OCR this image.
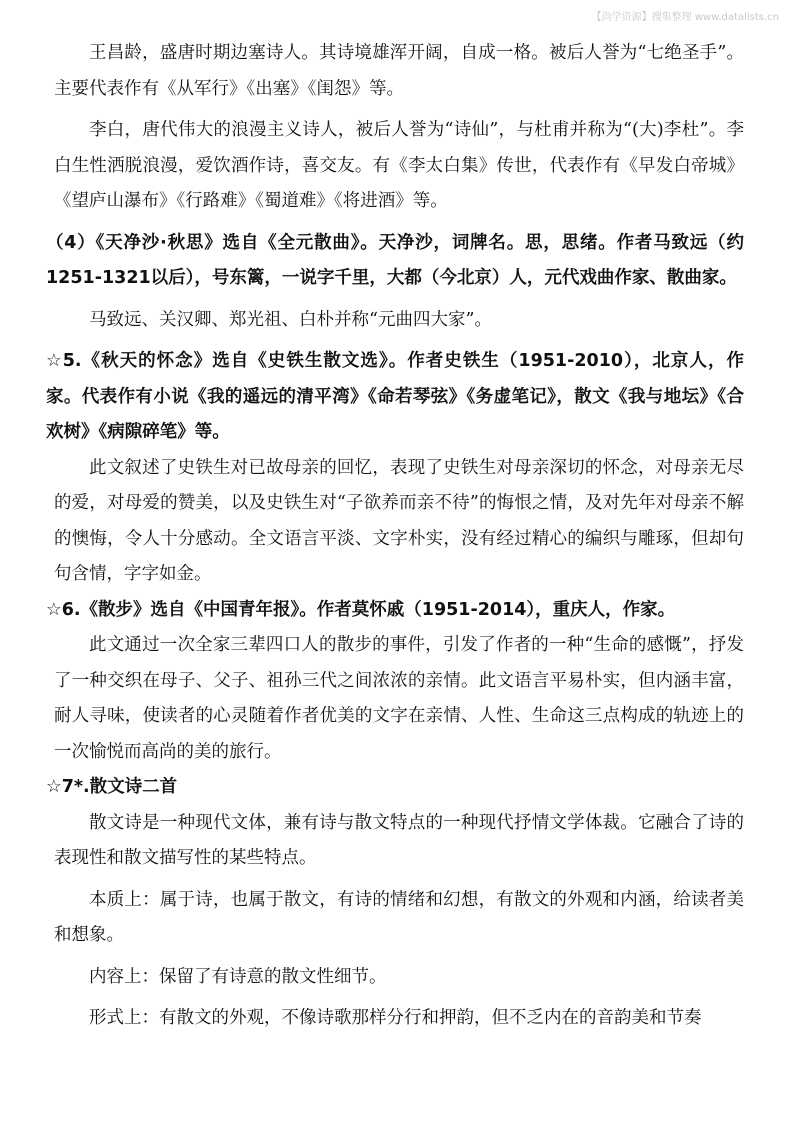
【尚学资源】搜集整理 www.datalists.cn

王昌龄，盛唐时期边塞诗人。其诗境雄浑开阔，自成一格。被后人誉为“七绝圣手”。主要代表作有《从军行》《出塞》《闺怨》等。

李白，唐代伟大的浪漫主义诗人，被后人誉为“诗仙”，与杜甫并称为“(大)李杜”。李白生性洒脱浪漫，爱饮酒作诗，喜交友。有《李太白集》传世，代表作有《早发白帝城》《望庐山瀑布》《行路难》《蜀道难》《将进酒》等。

（4）《天净沙·秋思》选自《全元散曲》。天净沙，词牌名。思，思绪。作者马致远（约1251-1321以后），号东篱，一说字千里，大都（今北京）人，元代戏曲作家、散曲家。

马致远、关汉卿、郑光祖、白朴并称“元曲四大家”。

☆5.《秋天的怀念》选自《史铁生散文选》。作者史铁生（1951-2010），北京人，作家。代表作有小说《我的遥远的清平湾》《命若琴弦》《务虚笔记》，散文《我与地坛》《合欢树》《病隙碎笔》等。

此文叙述了史铁生对已故母亲的回忆，表现了史铁生对母亲深切的怀念，对母亲无尽的爱，对母爱的赞美，以及史铁生对“子欲养而亲不待”的悔恨之情，及对先年对母亲不解的懊悔，令人十分感动。全文语言平淡、文字朴实，没有经过精心的编织与雕琢，但却句句含情，字字如金。

☆6.《散步》选自《中国青年报》。作者莫怀戚（1951-2014），重庆人，作家。

此文通过一次全家三辈四口人的散步的事件，引发了作者的一种“生命的感慨”，抒发了一种交织在母子、父子、祖孙三代之间浓浓的亲情。此文语言平易朴实，但内涵丰富，耐人寻味，使读者的心灵随着作者优美的文字在亲情、人性、生命这三点构成的轨迹上的一次愉悦而高尚的美的旅行。

☆7*.散文诗二首

散文诗是一种现代文体，兼有诗与散文特点的一种现代抒情文学体裁。它融合了诗的表现性和散文描写性的某些特点。

本质上：属于诗，也属于散文，有诗的情绪和幻想，有散文的外观和内涵，给读者美和想象。

内容上：保留了有诗意的散文性细节。

形式上：有散文的外观，不像诗歌那样分行和押韵，但不乏内在的音韵美和节奏
